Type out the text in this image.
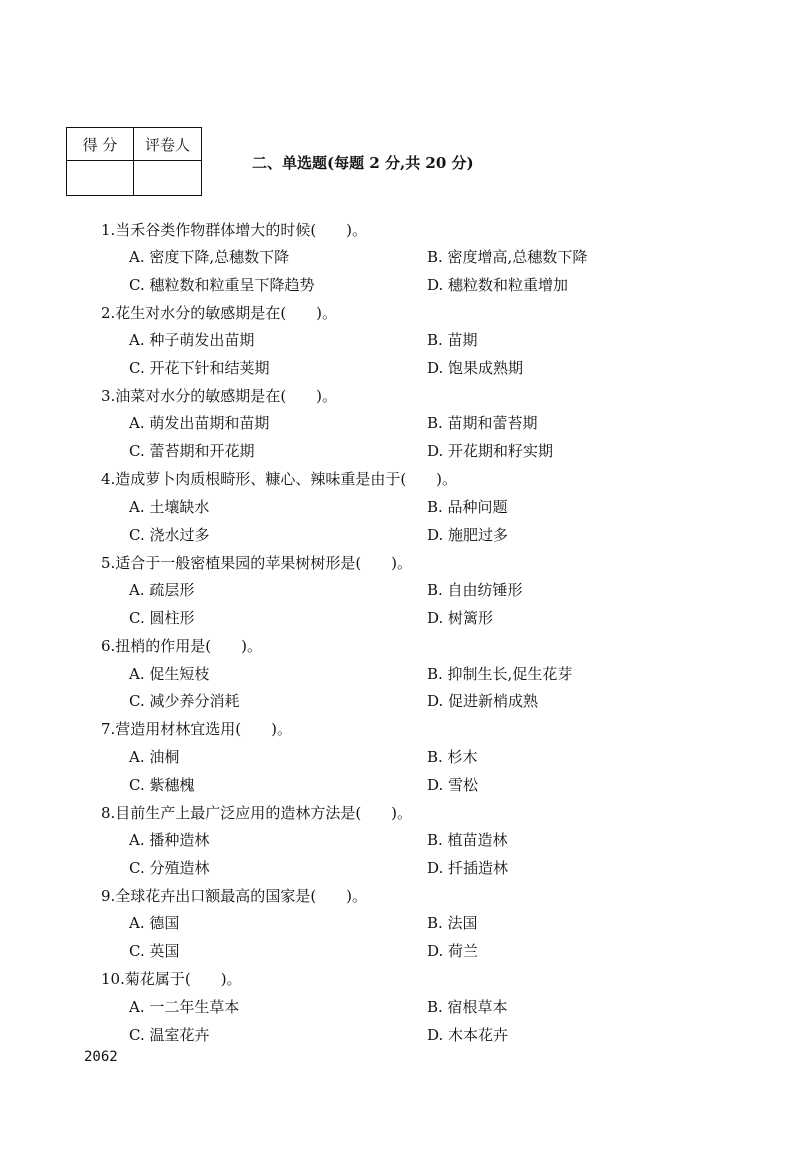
得 分	评卷人

二、单选题(每题 2 分,共 20 分)
1.当禾谷类作物群体增大的时候(　　)。
A. 密度下降,总穗数下降	B. 密度增高,总穗数下降
C. 穗粒数和粒重呈下降趋势	D. 穗粒数和粒重增加
2.花生对水分的敏感期是在(　　)。
A. 种子萌发出苗期	B. 苗期
C. 开花下针和结荚期	D. 饱果成熟期
3.油菜对水分的敏感期是在(　　)。
A. 萌发出苗期和苗期	B. 苗期和蕾苔期
C. 蕾苔期和开花期	D. 开花期和籽实期
4.造成萝卜肉质根畸形、糠心、辣味重是由于(　　)。
A. 土壤缺水	B. 品种问题
C. 浇水过多	D. 施肥过多
5.适合于一般密植果园的苹果树树形是(　　)。
A. 疏层形	B. 自由纺锤形
C. 圆柱形	D. 树篱形
6.扭梢的作用是(　　)。
A. 促生短枝	B. 抑制生长,促生花芽
C. 减少养分消耗	D. 促进新梢成熟
7.营造用材林宜选用(　　)。
A. 油桐	B. 杉木
C. 紫穗槐	D. 雪松
8.目前生产上最广泛应用的造林方法是(　　)。
A. 播种造林	B. 植苗造林
C. 分殖造林	D. 扦插造林
9.全球花卉出口额最高的国家是(　　)。
A. 德国	B. 法国
C. 英国	D. 荷兰
10.菊花属于(　　)。
A. 一二年生草本	B. 宿根草本
C. 温室花卉	D. 木本花卉
2062
